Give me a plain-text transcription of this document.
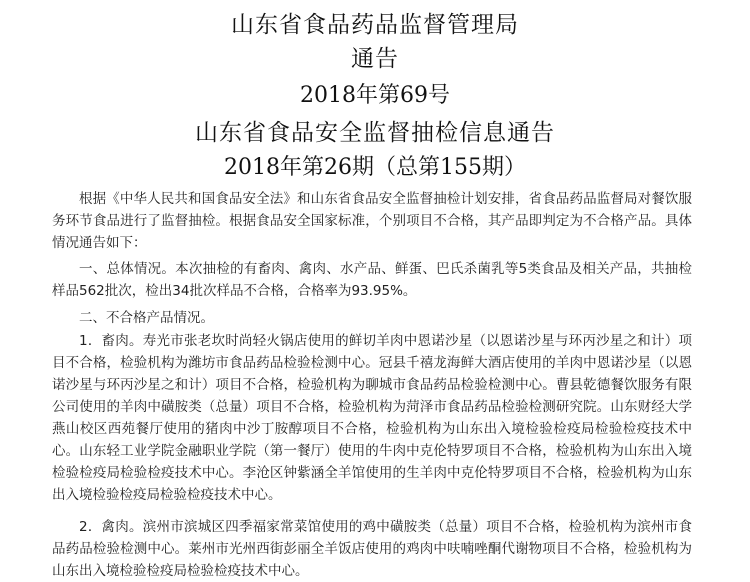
山东省食品药品监督管理局
通告
2018年第69号
山东省食品安全监督抽检信息通告
2018年第26期（总第155期）

根据《中华人民共和国食品安全法》和山东省食品安全监督抽检计划安排，省食品药品监督局对餐饮服务环节食品进行了监督抽检。根据食品安全国家标准，个别项目不合格，其产品即判定为不合格产品。具体情况通告如下：

一、总体情况。本次抽检的有畜肉、禽肉、水产品、鲜蛋、巴氏杀菌乳等5类食品及相关产品，共抽检样品562批次，检出34批次样品不合格，合格率为93.95%。

二、不合格产品情况。

1．畜肉。寿光市张老坎时尚轻火锅店使用的鲜切羊肉中恩诺沙星（以恩诺沙星与环丙沙星之和计）项目不合格，检验机构为潍坊市食品药品检验检测中心。冠县千禧龙海鲜大酒店使用的羊肉中恩诺沙星（以恩诺沙星与环丙沙星之和计）项目不合格，检验机构为聊城市食品药品检验检测中心。曹县乾德餐饮服务有限公司使用的羊肉中磺胺类（总量）项目不合格，检验机构为菏泽市食品药品检验检测研究院。山东财经大学燕山校区西苑餐厅使用的猪肉中沙丁胺醇项目不合格，检验机构为山东出入境检验检疫局检验检疫技术中心。山东轻工业学院金融职业学院（第一餐厅）使用的牛肉中克伦特罗项目不合格，检验机构为山东出入境检验检疫局检验检疫技术中心。李沧区钟紫涵全羊馆使用的生羊肉中克伦特罗项目不合格，检验机构为山东出入境检验检疫局检验检疫技术中心。

2．禽肉。滨州市滨城区四季福家常菜馆使用的鸡中磺胺类（总量）项目不合格，检验机构为滨州市食品药品检验检测中心。莱州市光州西街彭丽全羊饭店使用的鸡肉中呋喃唑酮代谢物项目不合格，检验机构为山东出入境检验检疫局检验检疫技术中心。
